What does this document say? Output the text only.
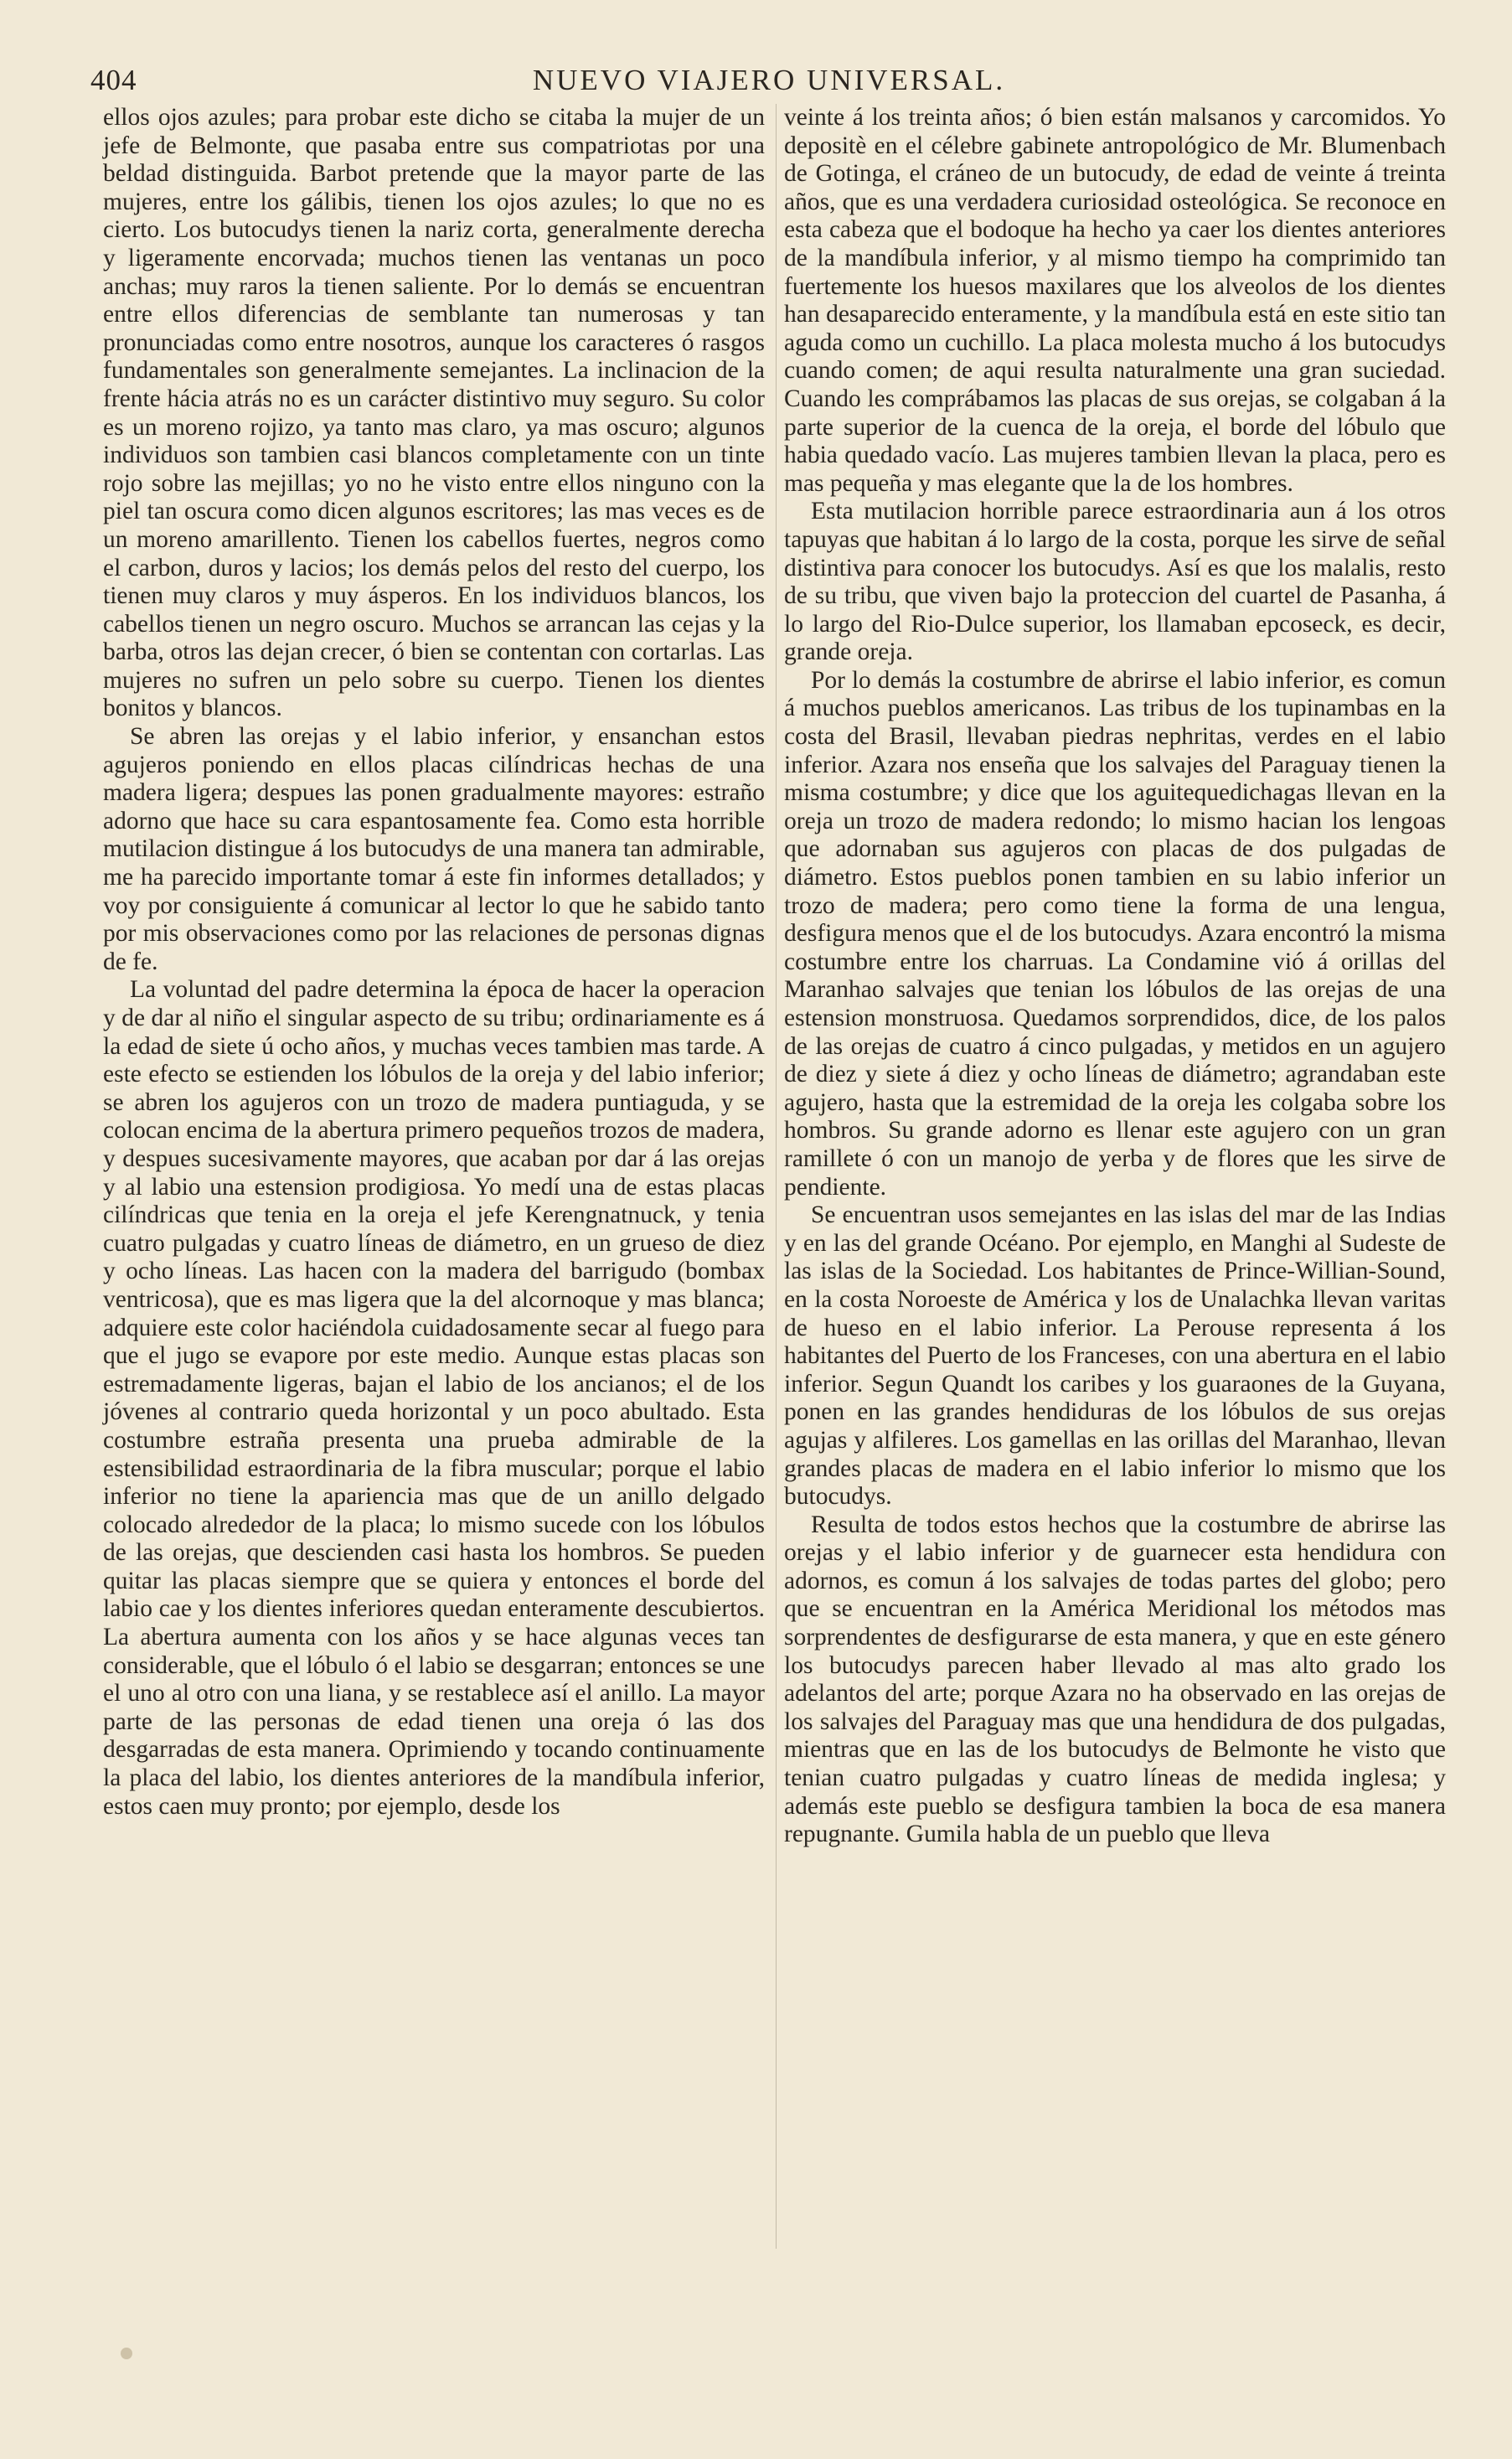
404	NUEVO VIAJERO UNIVERSAL.

ellos ojos azules; para probar este dicho se citaba la mujer de un jefe de Belmonte, que pasaba entre sus compatriotas por una beldad distinguida. Barbot pretende que la mayor parte de las mujeres, entre los gálibis, tienen los ojos azules; lo que no es cierto. Los butocudys tienen la nariz corta, generalmente derecha y ligeramente encorvada; muchos tienen las ventanas un poco anchas; muy raros la tienen saliente. Por lo demás se encuentran entre ellos diferencias de semblante tan numerosas y tan pronunciadas como entre nosotros, aunque los caracteres ó rasgos fundamentales son generalmente semejantes. La inclinacion de la frente hácia atrás no es un carácter distintivo muy seguro. Su color es un moreno rojizo, ya tanto mas claro, ya mas oscuro; algunos individuos son tambien casi blancos completamente con un tinte rojo sobre las mejillas; yo no he visto entre ellos ninguno con la piel tan oscura como dicen algunos escritores; las mas veces es de un moreno amarillento. Tienen los cabellos fuertes, negros como el carbon, duros y lacios; los demás pelos del resto del cuerpo, los tienen muy claros y muy ásperos. En los individuos blancos, los cabellos tienen un negro oscuro. Muchos se arrancan las cejas y la barba, otros las dejan crecer, ó bien se contentan con cortarlas. Las mujeres no sufren un pelo sobre su cuerpo. Tienen los dientes bonitos y blancos.

Se abren las orejas y el labio inferior, y ensanchan estos agujeros poniendo en ellos placas cilíndricas hechas de una madera ligera; despues las ponen gradualmente mayores: estraño adorno que hace su cara espantosamente fea. Como esta horrible mutilacion distingue á los butocudys de una manera tan admirable, me ha parecido importante tomar á este fin informes detallados; y voy por consiguiente á comunicar al lector lo que he sabido tanto por mis observaciones como por las relaciones de personas dignas de fe.

La voluntad del padre determina la época de hacer la operacion y de dar al niño el singular aspecto de su tribu; ordinariamente es á la edad de siete ú ocho años, y muchas veces tambien mas tarde. A este efecto se estienden los lóbulos de la oreja y del labio inferior; se abren los agujeros con un trozo de madera puntiaguda, y se colocan encima de la abertura primero pequeños trozos de madera, y despues sucesivamente mayores, que acaban por dar á las orejas y al labio una estension prodigiosa. Yo medí una de estas placas cilíndricas que tenia en la oreja el jefe Kerengnatnuck, y tenia cuatro pulgadas y cuatro líneas de diámetro, en un grueso de diez y ocho líneas. Las hacen con la madera del barrigudo (bombax ventricosa), que es mas ligera que la del alcornoque y mas blanca; adquiere este color haciéndola cuidadosamente secar al fuego para que el jugo se evapore por este medio. Aunque estas placas son estremadamente ligeras, bajan el labio de los ancianos; el de los jóvenes al contrario queda horizontal y un poco abultado. Esta costumbre estraña presenta una prueba admirable de la estensibilidad estraordinaria de la fibra muscular; porque el labio inferior no tiene la apariencia mas que de un anillo delgado colocado alrededor de la placa; lo mismo sucede con los lóbulos de las orejas, que descienden casi hasta los hombros. Se pueden quitar las placas siempre que se quiera y entonces el borde del labio cae y los dientes inferiores quedan enteramente descubiertos. La abertura aumenta con los años y se hace algunas veces tan considerable, que el lóbulo ó el labio se desgarran; entonces se une el uno al otro con una liana, y se restablece así el anillo. La mayor parte de las personas de edad tienen una oreja ó las dos desgarradas de esta manera. Oprimiendo y tocando continuamente la placa del labio, los dientes anteriores de la mandíbula inferior, estos caen muy pronto; por ejemplo, desde los

veinte á los treinta años; ó bien están malsanos y carcomidos. Yo depositè en el célebre gabinete antropológico de Mr. Blumenbach de Gotinga, el cráneo de un butocudy, de edad de veinte á treinta años, que es una verdadera curiosidad osteológica. Se reconoce en esta cabeza que el bodoque ha hecho ya caer los dientes anteriores de la mandíbula inferior, y al mismo tiempo ha comprimido tan fuertemente los huesos maxilares que los alveolos de los dientes han desaparecido enteramente, y la mandíbula está en este sitio tan aguda como un cuchillo. La placa molesta mucho á los butocudys cuando comen; de aqui resulta naturalmente una gran suciedad. Cuando les comprábamos las placas de sus orejas, se colgaban á la parte superior de la cuenca de la oreja, el borde del lóbulo que habia quedado vacío. Las mujeres tambien llevan la placa, pero es mas pequeña y mas elegante que la de los hombres.

Esta mutilacion horrible parece estraordinaria aun á los otros tapuyas que habitan á lo largo de la costa, porque les sirve de señal distintiva para conocer los butocudys. Así es que los malalis, resto de su tribu, que viven bajo la proteccion del cuartel de Pasanha, á lo largo del Rio-Dulce superior, los llamaban epcoseck, es decir, grande oreja.

Por lo demás la costumbre de abrirse el labio inferior, es comun á muchos pueblos americanos. Las tribus de los tupinambas en la costa del Brasil, llevaban piedras nephritas, verdes en el labio inferior. Azara nos enseña que los salvajes del Paraguay tienen la misma costumbre; y dice que los aguitequedichagas llevan en la oreja un trozo de madera redondo; lo mismo hacian los lengoas que adornaban sus agujeros con placas de dos pulgadas de diámetro. Estos pueblos ponen tambien en su labio inferior un trozo de madera; pero como tiene la forma de una lengua, desfigura menos que el de los butocudys. Azara encontró la misma costumbre entre los charruas. La Condamine vió á orillas del Maranhao salvajes que tenian los lóbulos de las orejas de una estension monstruosa. Quedamos sorprendidos, dice, de los palos de las orejas de cuatro á cinco pulgadas, y metidos en un agujero de diez y siete á diez y ocho líneas de diámetro; agrandaban este agujero, hasta que la estremidad de la oreja les colgaba sobre los hombros. Su grande adorno es llenar este agujero con un gran ramillete ó con un manojo de yerba y de flores que les sirve de pendiente.

Se encuentran usos semejantes en las islas del mar de las Indias y en las del grande Océano. Por ejemplo, en Manghi al Sudeste de las islas de la Sociedad. Los habitantes de Prince-Willian-Sound, en la costa Noroeste de América y los de Unalachka llevan varitas de hueso en el labio inferior. La Perouse representa á los habitantes del Puerto de los Franceses, con una abertura en el labio inferior. Segun Quandt los caribes y los guaraones de la Guyana, ponen en las grandes hendiduras de los lóbulos de sus orejas agujas y alfileres. Los gamellas en las orillas del Maranhao, llevan grandes placas de madera en el labio inferior lo mismo que los butocudys.

Resulta de todos estos hechos que la costumbre de abrirse las orejas y el labio inferior y de guarnecer esta hendidura con adornos, es comun á los salvajes de todas partes del globo; pero que se encuentran en la América Meridional los métodos mas sorprendentes de desfigurarse de esta manera, y que en este género los butocudys parecen haber llevado al mas alto grado los adelantos del arte; porque Azara no ha observado en las orejas de los salvajes del Paraguay mas que una hendidura de dos pulgadas, mientras que en las de los butocudys de Belmonte he visto que tenian cuatro pulgadas y cuatro líneas de medida inglesa; y además este pueblo se desfigura tambien la boca de esa manera repugnante. Gumila habla de un pueblo que lleva
